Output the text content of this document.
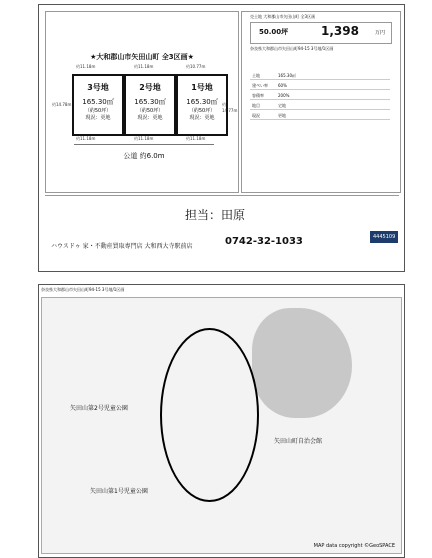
★大和郡山市矢田山町 全3区画★
約11.18m	約11.18m	約10.77m
約14.78m	約14.77m
3号地
165.30㎡
（約50坪）
現況：更地
2号地
165.30㎡
（約50坪）
現況：更地
1号地
165.30㎡
（約50坪）
現況：更地
約11.18m	約11.18m	約11.18m
公道 約6.0m
売土地 大和郡山市矢田山町 全3区画
50.00坪	1,398	万円
奈良県大和郡山市矢田山町94-15 3号地/1区画
土地	165.30㎡
建ぺい率	60%
容積率	200%
地目	宅地
現況	更地
担当：田原
ハウスドゥ 家・不動産買取専門店 大和西大寺駅前店	0742-32-1033	4445109
奈良県大和郡山市矢田山町94-15 3号地/1区画
矢田山第2号児童公園
矢田山第1号児童公園
矢田山町自治会館
MAP data copyright ©GeoSPACE
